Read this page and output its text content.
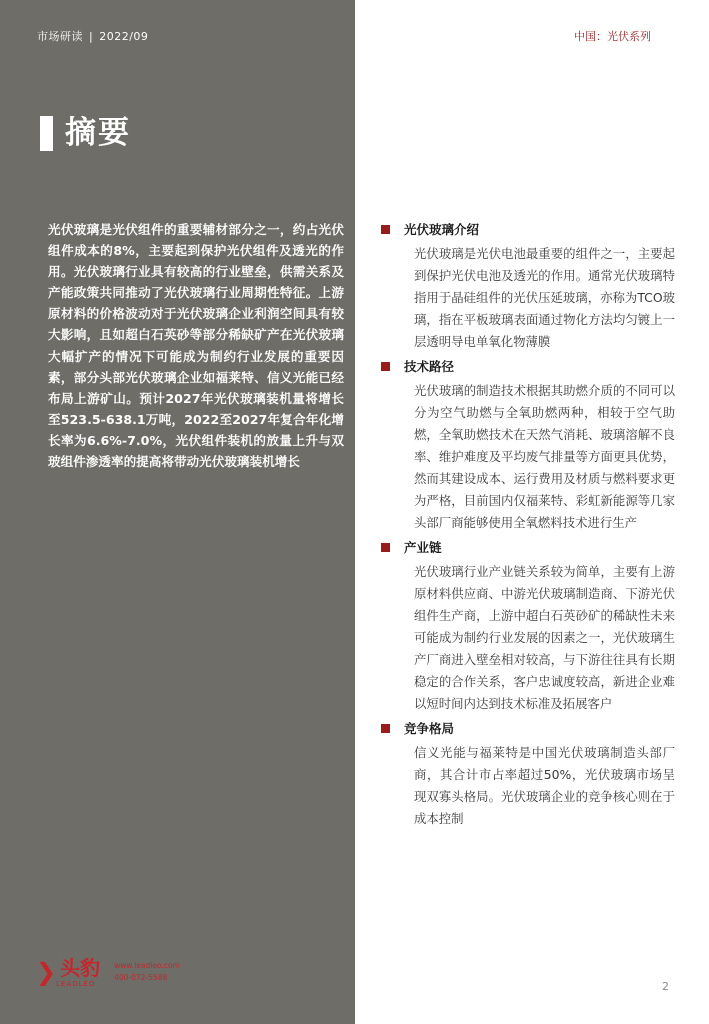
市场研读 | 2022/09	中国：光伏系列
摘要

光伏玻璃是光伏组件的重要辅材部分之一，约占光伏组件成本的8%，主要起到保护光伏组件及透光的作用。光伏玻璃行业具有较高的行业壁垒，供需关系及产能政策共同推动了光伏玻璃行业周期性特征。上游原材料的价格波动对于光伏玻璃企业利润空间具有较大影响，且如超白石英砂等部分稀缺矿产在光伏玻璃大幅扩产的情况下可能成为制约行业发展的重要因素，部分头部光伏玻璃企业如福莱特、信义光能已经布局上游矿山。预计2027年光伏玻璃装机量将增长至523.5-638.1万吨，2022至2027年复合年化增长率为6.6%-7.0%，光伏组件装机的放量上升与双玻组件渗透率的提高将带动光伏玻璃装机增长

光伏玻璃介绍

光伏玻璃是光伏电池最重要的组件之一，主要起到保护光伏电池及透光的作用。通常光伏玻璃特指用于晶硅组件的光伏压延玻璃，亦称为TCO玻璃，指在平板玻璃表面通过物化方法均匀镀上一层透明导电单氧化物薄膜

技术路径

光伏玻璃的制造技术根据其助燃介质的不同可以分为空气助燃与全氧助燃两种，相较于空气助燃，全氧助燃技术在天然气消耗、玻璃溶解不良率、维护难度及平均废气排量等方面更具优势，然而其建设成本、运行费用及材质与燃料要求更为严格，目前国内仅福莱特、彩虹新能源等几家头部厂商能够使用全氧燃料技术进行生产

产业链

光伏玻璃行业产业链关系较为简单，主要有上游原材料供应商、中游光伏玻璃制造商、下游光伏组件生产商，上游中超白石英砂矿的稀缺性未来可能成为制约行业发展的因素之一，光伏玻璃生产厂商进入壁垒相对较高，与下游往往具有长期稳定的合作关系，客户忠诚度较高，新进企业难以短时间内达到技术标准及拓展客户

竞争格局

信义光能与福莱特是中国光伏玻璃制造头部厂商，其合计市占率超过50%，光伏玻璃市场呈现双寡头格局。光伏玻璃企业的竞争核心则在于成本控制

❯ 头豹
LEADLEO
www.leadleo.com
400-072-5588
2
